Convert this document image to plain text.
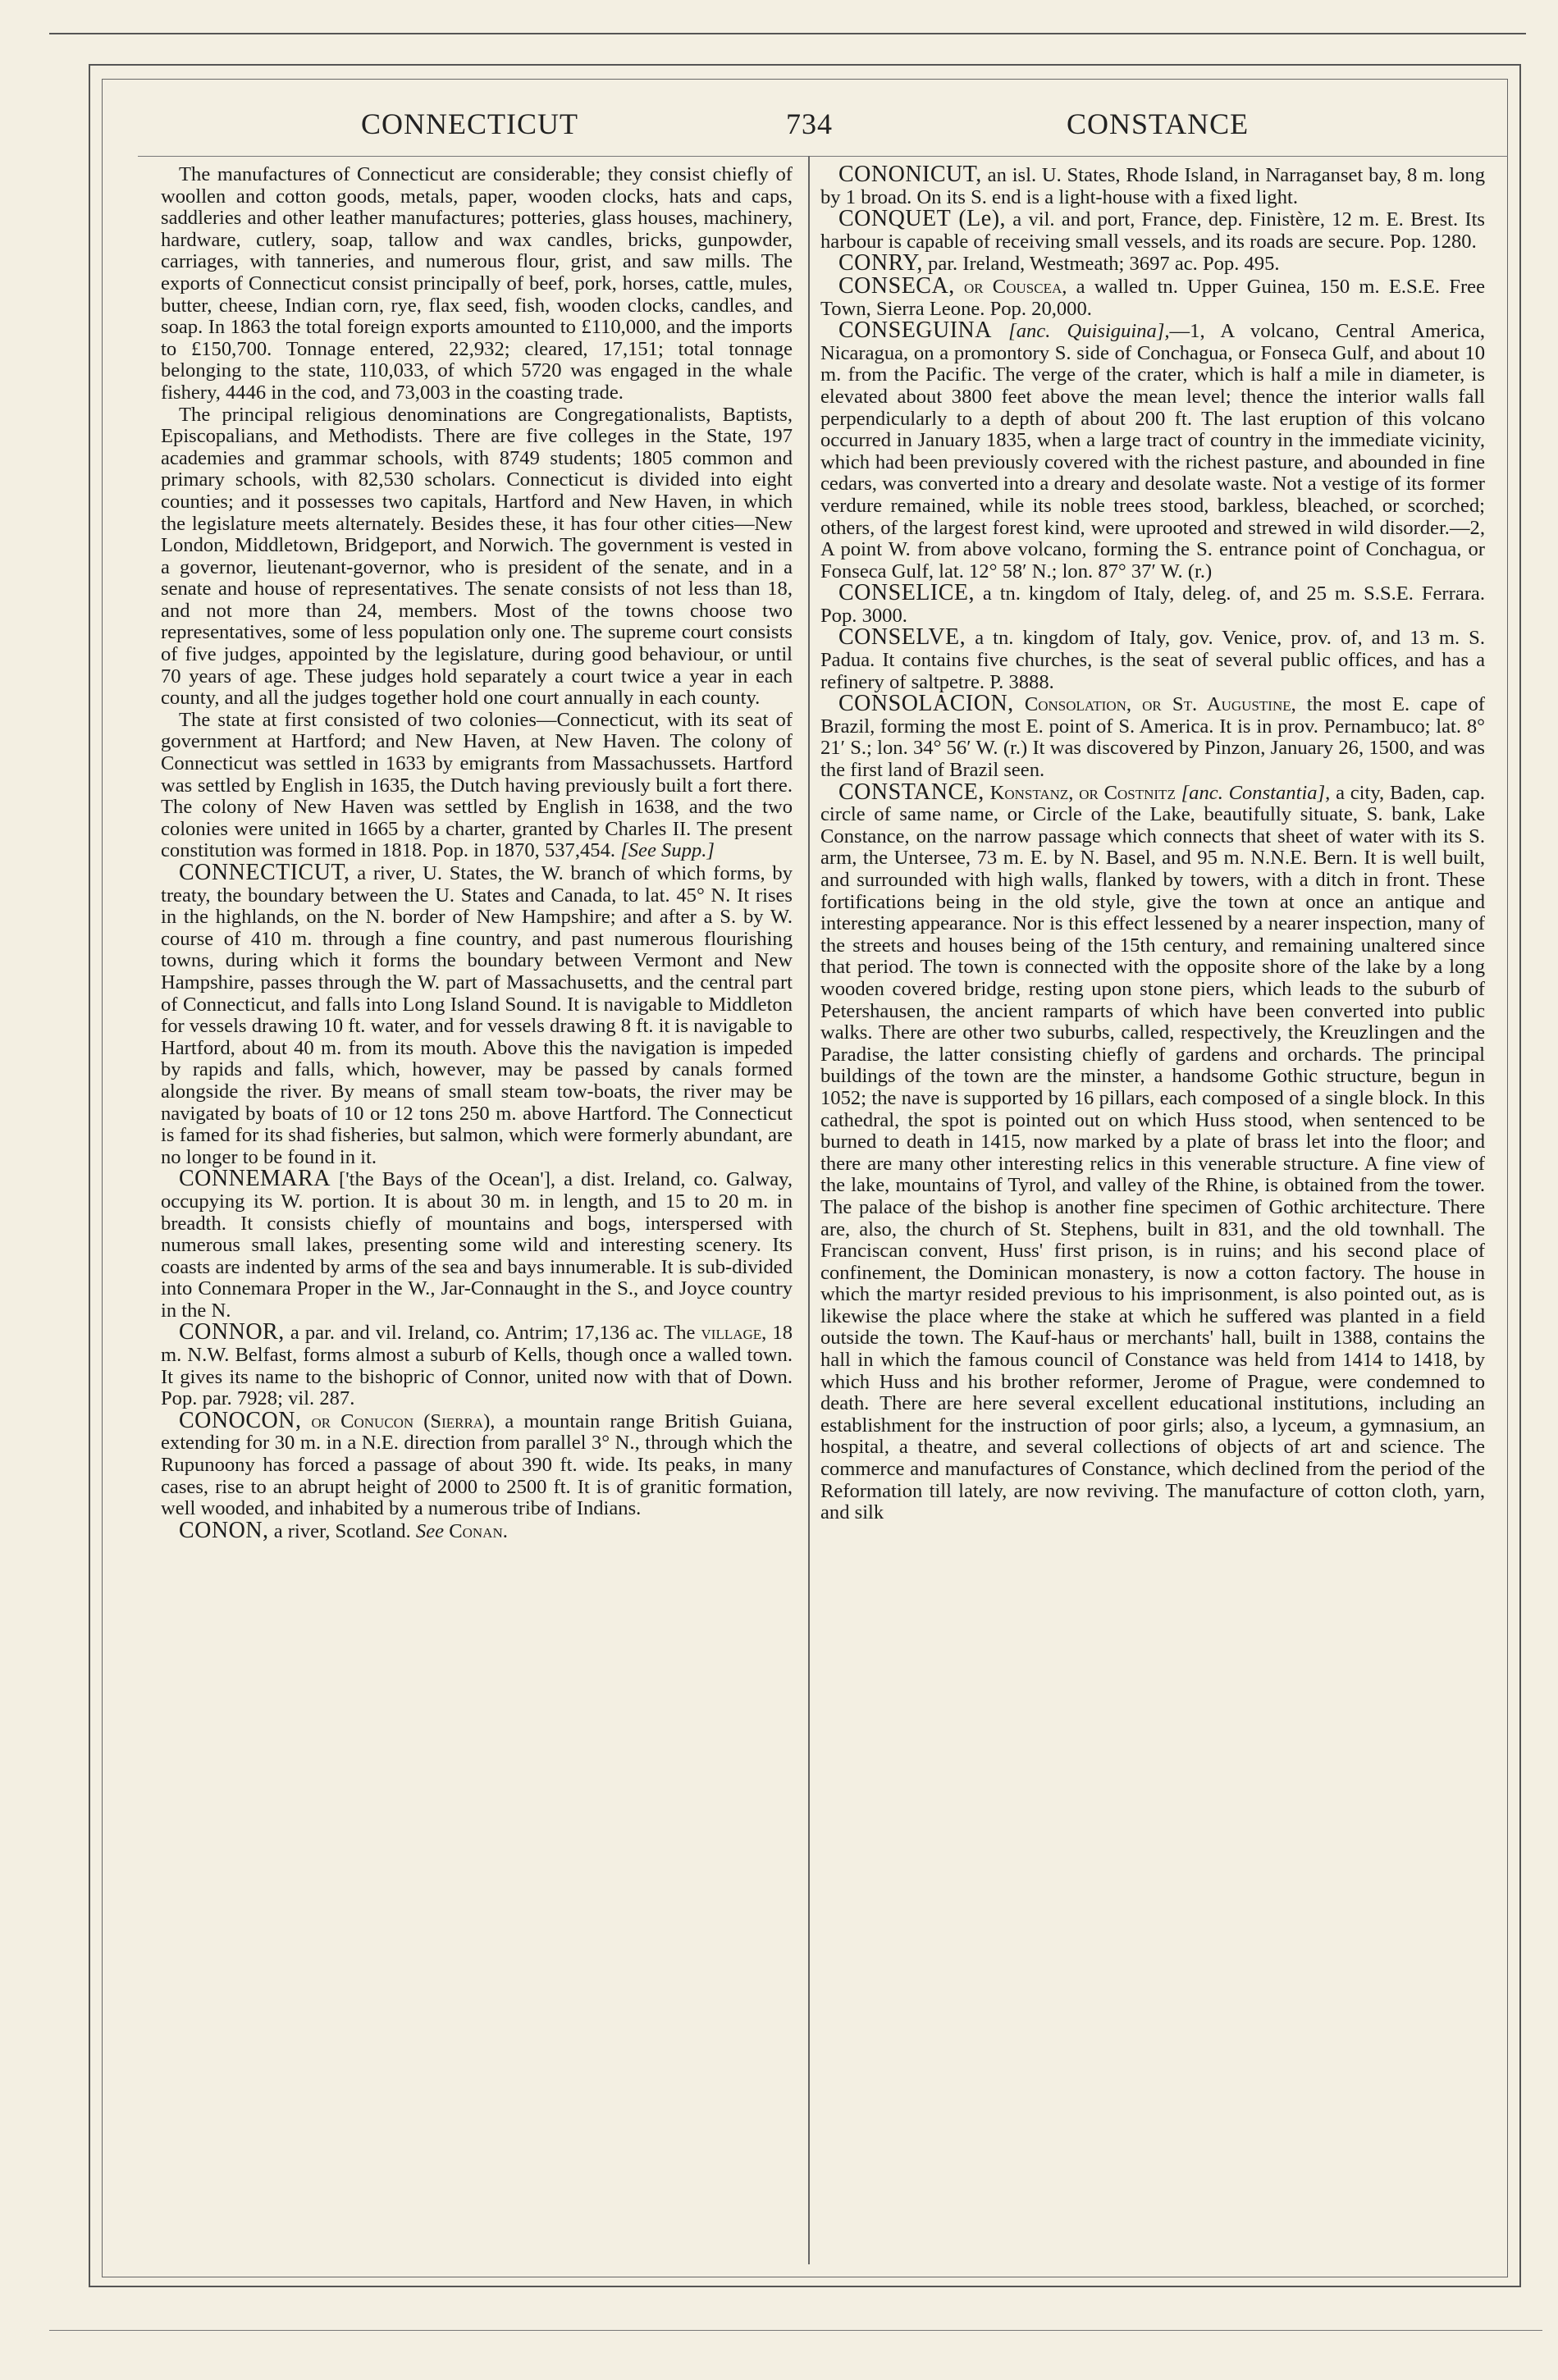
CONNECTICUT	734	CONSTANCE

The manufactures of Connecticut are considerable; they consist chiefly of woollen and cotton goods, metals, paper, wooden clocks, hats and caps, saddleries and other leather manufactures; potteries, glass houses, machinery, hardware, cutlery, soap, tallow and wax candles, bricks, gunpowder, carriages, with tanneries, and numerous flour, grist, and saw mills. The exports of Connecticut consist principally of beef, pork, horses, cattle, mules, butter, cheese, Indian corn, rye, flax seed, fish, wooden clocks, candles, and soap. In 1863 the total foreign exports amounted to £110,000, and the imports to £150,700. Tonnage entered, 22,932; cleared, 17,151; total tonnage belonging to the state, 110,033, of which 5720 was engaged in the whale fishery, 4446 in the cod, and 73,003 in the coasting trade.

The principal religious denominations are Congregationalists, Baptists, Episcopalians, and Methodists. There are five colleges in the State, 197 academies and grammar schools, with 8749 students; 1805 common and primary schools, with 82,530 scholars. Connecticut is divided into eight counties; and it possesses two capitals, Hartford and New Haven, in which the legislature meets alternately. Besides these, it has four other cities—New London, Middletown, Bridgeport, and Norwich. The government is vested in a governor, lieutenant-governor, who is president of the senate, and in a senate and house of representatives. The senate consists of not less than 18, and not more than 24, members. Most of the towns choose two representatives, some of less population only one. The supreme court consists of five judges, appointed by the legislature, during good behaviour, or until 70 years of age. These judges hold separately a court twice a year in each county, and all the judges together hold one court annually in each county.

The state at first consisted of two colonies—Connecticut, with its seat of government at Hartford; and New Haven, at New Haven. The colony of Connecticut was settled in 1633 by emigrants from Massachussets. Hartford was settled by English in 1635, the Dutch having previously built a fort there. The colony of New Haven was settled by English in 1638, and the two colonies were united in 1665 by a charter, granted by Charles II. The present constitution was formed in 1818. Pop. in 1870, 537,454. [See Supp.]

CONNECTICUT, a river, U. States, the W. branch of which forms, by treaty, the boundary between the U. States and Canada, to lat. 45° N. It rises in the highlands, on the N. border of New Hampshire; and after a S. by W. course of 410 m. through a fine country, and past numerous flourishing towns, during which it forms the boundary between Vermont and New Hampshire, passes through the W. part of Massachusetts, and the central part of Connecticut, and falls into Long Island Sound. It is navigable to Middleton for vessels drawing 10 ft. water, and for vessels drawing 8 ft. it is navigable to Hartford, about 40 m. from its mouth. Above this the navigation is impeded by rapids and falls, which, however, may be passed by canals formed alongside the river. By means of small steam tow-boats, the river may be navigated by boats of 10 or 12 tons 250 m. above Hartford. The Connecticut is famed for its shad fisheries, but salmon, which were formerly abundant, are no longer to be found in it.

CONNEMARA ['the Bays of the Ocean'], a dist. Ireland, co. Galway, occupying its W. portion. It is about 30 m. in length, and 15 to 20 m. in breadth. It consists chiefly of mountains and bogs, interspersed with numerous small lakes, presenting some wild and interesting scenery. Its coasts are indented by arms of the sea and bays innumerable. It is sub-divided into Connemara Proper in the W., Jar-Connaught in the S., and Joyce country in the N.

CONNOR, a par. and vil. Ireland, co. Antrim; 17,136 ac. The village, 18 m. N.W. Belfast, forms almost a suburb of Kells, though once a walled town. It gives its name to the bishopric of Connor, united now with that of Down. Pop. par. 7928; vil. 287.

CONOCON, or Conucon (Sierra), a mountain range British Guiana, extending for 30 m. in a N.E. direction from parallel 3° N., through which the Rupunoony has forced a passage of about 390 ft. wide. Its peaks, in many cases, rise to an abrupt height of 2000 to 2500 ft. It is of granitic formation, well wooded, and inhabited by a numerous tribe of Indians.

CONON, a river, Scotland. See Conan.

CONONICUT, an isl. U. States, Rhode Island, in Narraganset bay, 8 m. long by 1 broad. On its S. end is a light-house with a fixed light.

CONQUET (Le), a vil. and port, France, dep. Finistère, 12 m. E. Brest. Its harbour is capable of receiving small vessels, and its roads are secure. Pop. 1280.

CONRY, par. Ireland, Westmeath; 3697 ac. Pop. 495.

CONSECA, or Couscea, a walled tn. Upper Guinea, 150 m. E.S.E. Free Town, Sierra Leone. Pop. 20,000.

CONSEGUINA [anc. Quisiguina],—1, A volcano, Central America, Nicaragua, on a promontory S. side of Conchagua, or Fonseca Gulf, and about 10 m. from the Pacific. The verge of the crater, which is half a mile in diameter, is elevated about 3800 feet above the mean level; thence the interior walls fall perpendicularly to a depth of about 200 ft. The last eruption of this volcano occurred in January 1835, when a large tract of country in the immediate vicinity, which had been previously covered with the richest pasture, and abounded in fine cedars, was converted into a dreary and desolate waste. Not a vestige of its former verdure remained, while its noble trees stood, barkless, bleached, or scorched; others, of the largest forest kind, were uprooted and strewed in wild disorder.—2, A point W. from above volcano, forming the S. entrance point of Conchagua, or Fonseca Gulf, lat. 12° 58′ N.; lon. 87° 37′ W. (r.)

CONSELICE, a tn. kingdom of Italy, deleg. of, and 25 m. S.S.E. Ferrara. Pop. 3000.

CONSELVE, a tn. kingdom of Italy, gov. Venice, prov. of, and 13 m. S. Padua. It contains five churches, is the seat of several public offices, and has a refinery of saltpetre. P. 3888.

CONSOLACION, Consolation, or St. Augustine, the most E. cape of Brazil, forming the most E. point of S. America. It is in prov. Pernambuco; lat. 8° 21′ S.; lon. 34° 56′ W. (r.) It was discovered by Pinzon, January 26, 1500, and was the first land of Brazil seen.

CONSTANCE, Konstanz, or Costnitz [anc. Constantia], a city, Baden, cap. circle of same name, or Circle of the Lake, beautifully situate, S. bank, Lake Constance, on the narrow passage which connects that sheet of water with its S. arm, the Untersee, 73 m. E. by N. Basel, and 95 m. N.N.E. Bern. It is well built, and surrounded with high walls, flanked by towers, with a ditch in front. These fortifications being in the old style, give the town at once an antique and interesting appearance. Nor is this effect lessened by a nearer inspection, many of the streets and houses being of the 15th century, and remaining unaltered since that period. The town is connected with the opposite shore of the lake by a long wooden covered bridge, resting upon stone piers, which leads to the suburb of Petershausen, the ancient ramparts of which have been converted into public walks. There are other two suburbs, called, respectively, the Kreuzlingen and the Paradise, the latter consisting chiefly of gardens and orchards. The principal buildings of the town are the minster, a handsome Gothic structure, begun in 1052; the nave is supported by 16 pillars, each composed of a single block. In this cathedral, the spot is pointed out on which Huss stood, when sentenced to be burned to death in 1415, now marked by a plate of brass let into the floor; and there are many other interesting relics in this venerable structure. A fine view of the lake, mountains of Tyrol, and valley of the Rhine, is obtained from the tower. The palace of the bishop is another fine specimen of Gothic architecture. There are, also, the church of St. Stephens, built in 831, and the old townhall. The Franciscan convent, Huss' first prison, is in ruins; and his second place of confinement, the Dominican monastery, is now a cotton factory. The house in which the martyr resided previous to his imprisonment, is also pointed out, as is likewise the place where the stake at which he suffered was planted in a field outside the town. The Kauf-haus or merchants' hall, built in 1388, contains the hall in which the famous council of Constance was held from 1414 to 1418, by which Huss and his brother reformer, Jerome of Prague, were condemned to death. There are here several excellent educational institutions, including an establishment for the instruction of poor girls; also, a lyceum, a gymnasium, an hospital, a theatre, and several collections of objects of art and science. The commerce and manufactures of Constance, which declined from the period of the Reformation till lately, are now reviving. The manufacture of cotton cloth, yarn, and silk
